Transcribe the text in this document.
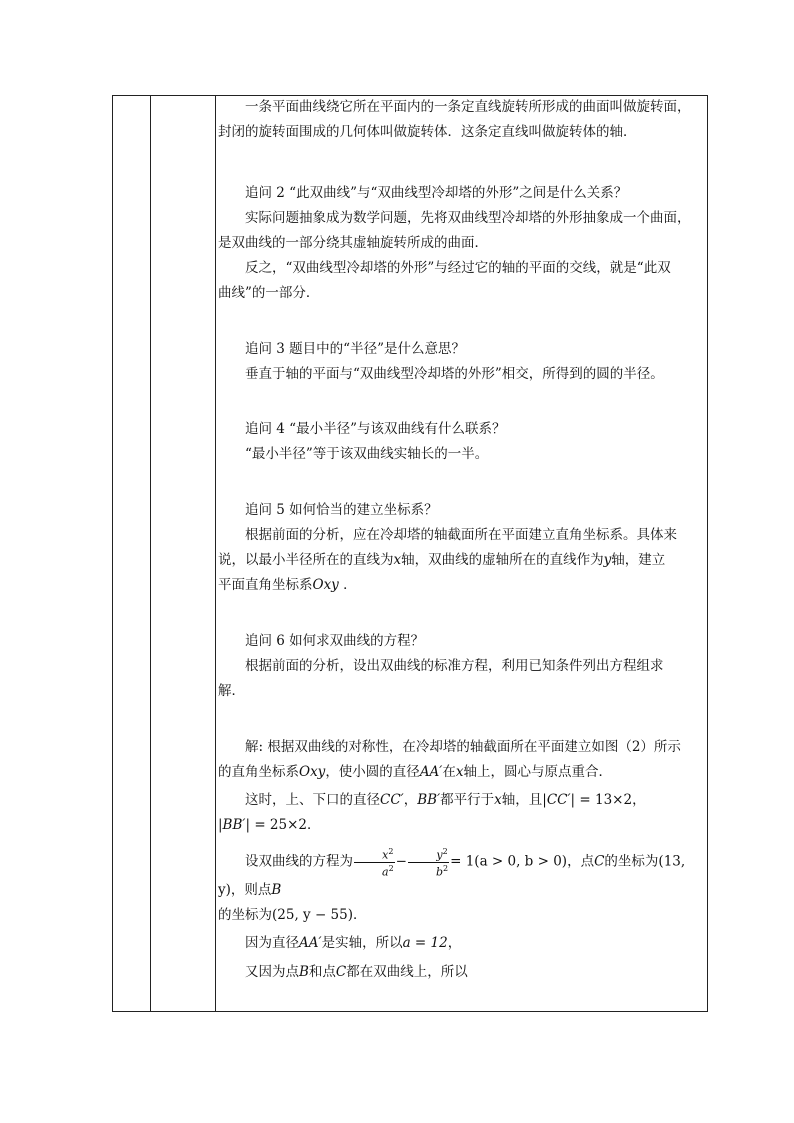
一条平面曲线绕它所在平面内的一条定直线旋转所形成的曲面叫做旋转面，

封闭的旋转面围成的几何体叫做旋转体．这条定直线叫做旋转体的轴．

追问 2 “此双曲线”与“双曲线型冷却塔的外形”之间是什么关系？

实际问题抽象成为数学问题，先将双曲线型冷却塔的外形抽象成一个曲面，

是双曲线的一部分绕其虚轴旋转所成的曲面．

反之，“双曲线型冷却塔的外形”与经过它的轴的平面的交线，就是“此双

曲线”的一部分．

追问 3 题目中的“半径”是什么意思？

垂直于轴的平面与“双曲线型冷却塔的外形”相交，所得到的圆的半径。

追问 4 “最小半径”与该双曲线有什么联系？

“最小半径”等于该双曲线实轴长的一半。

追问 5 如何恰当的建立坐标系？

根据前面的分析，应在冷却塔的轴截面所在平面建立直角坐标系。具体来

说，以最小半径所在的直线为x轴，双曲线的虚轴所在的直线作为y轴，建立

平面直角坐标系Oxy ．

追问 6 如何求双曲线的方程？

根据前面的分析，设出双曲线的标准方程，利用已知条件列出方程组求

解．

解: 根据双曲线的对称性，在冷却塔的轴截面所在平面建立如图（2）所示

的直角坐标系Oxy，使小圆的直径AA′在x轴上，圆心与原点重合．

这时，上、下口的直径CC′，BB′都平行于x轴，且|CC′| = 13×2，

|BB′| = 25×2．

设双曲线的方程为 $\frac{x^2}{a^2} - \frac{y^2}{b^2} = 1(a > 0$, b > 0)，点C的坐标为(13, y)，则点B

的坐标为(25, y − 55)．

因为直径AA′是实轴，所以a = 12，

又因为点B和点C都在双曲线上，所以
